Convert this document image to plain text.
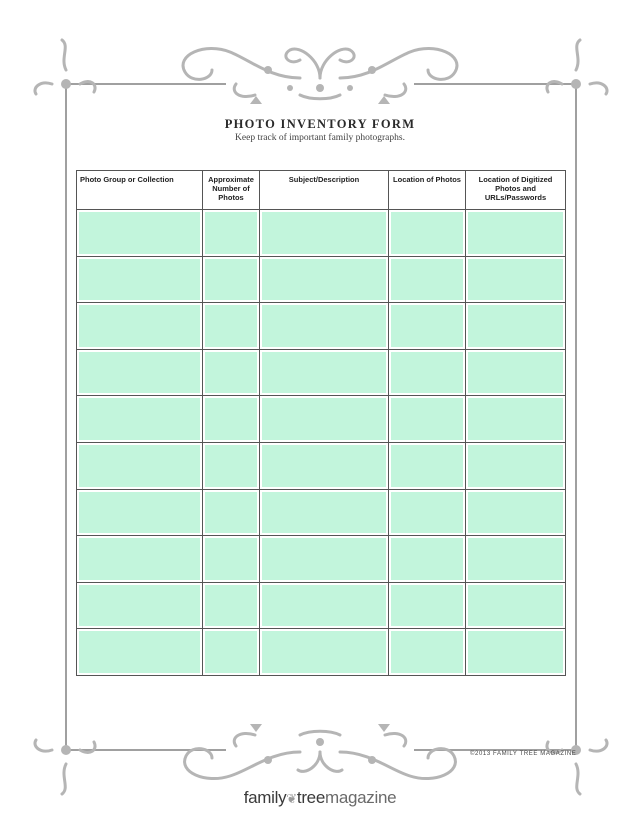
PHOTO INVENTORY FORM

Keep track of important family photographs.

Photo Group or Collection	Approximate Number of Photos	Subject/Description	Location of Photos	Location of Digitized Photos and URLs/Passwords

©2013 FAMILY TREE MAGAZINE
family❦treemagazine
